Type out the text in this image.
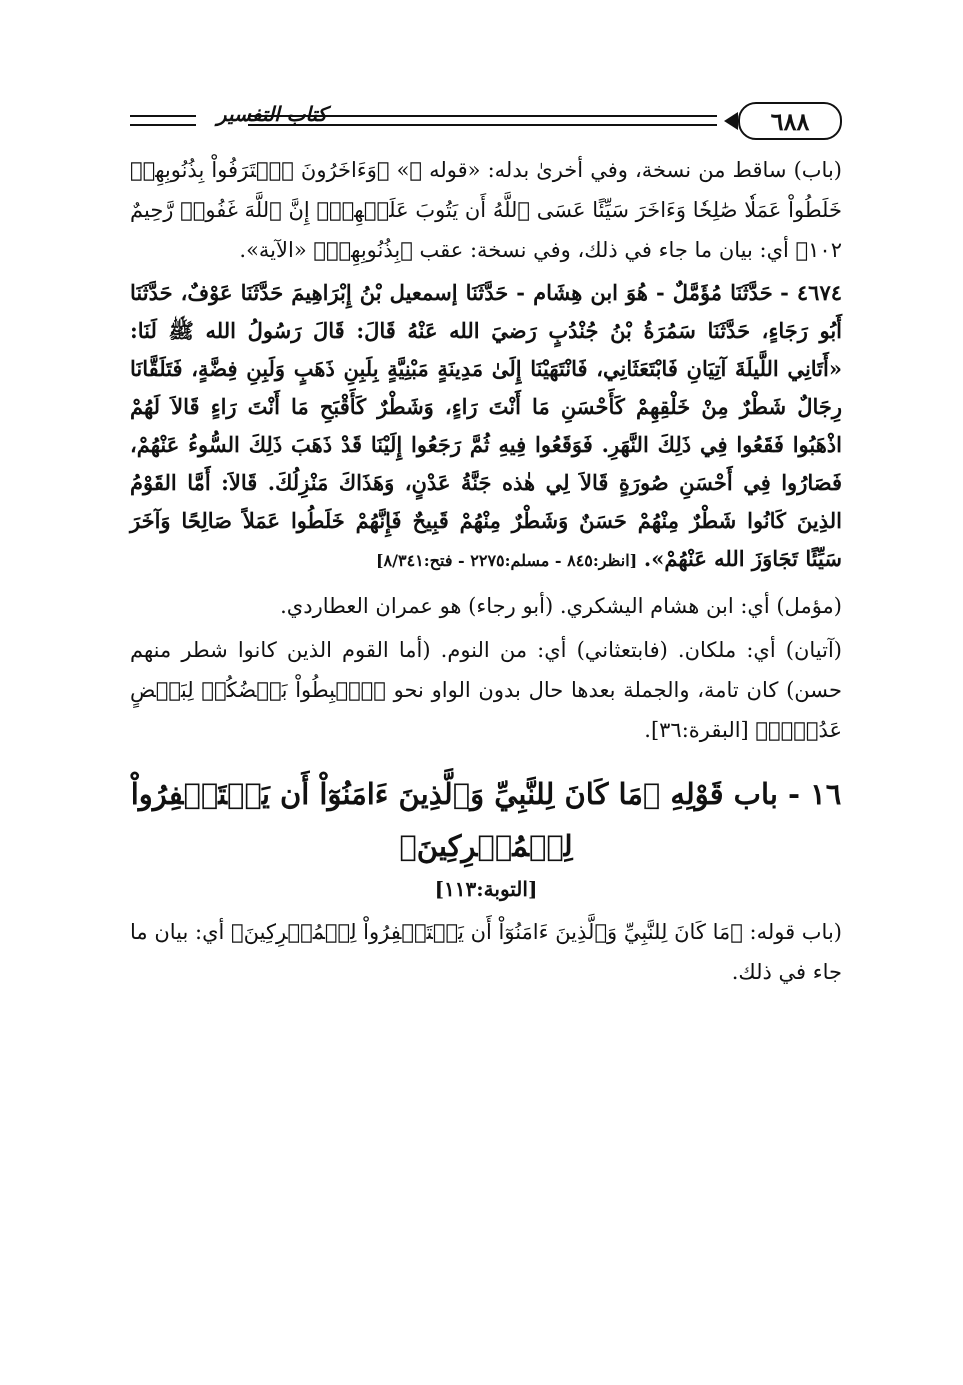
٦٨٨
كتاب التفسير

(باب) ساقط من نسخة، وفي أخرىٰ بدله: «قوله ﷻ» ﴿وَءَاخَرُونَ ٱعۡتَرَفُواْ بِذُنُوبِهِمۡ خَلَطُواْ عَمَلٗا صَٰلِحٗا وَءَاخَرَ سَيِّئًا عَسَى ٱللَّهُ أَن يَتُوبَ عَلَيۡهِمۡۚ إِنَّ ٱللَّهَ غَفُورٞ رَّحِيمٌ ١٠٢﴾ أي: بيان ما جاء في ذلك، وفي نسخة: عقب ﴿بِذُنُوبِهِمۡ﴾ «الآية».

٤٦٧٤ - حَدَّثَنَا مُؤَمَّلٌ - هُوَ ابن هِشَام - حَدَّثَنَا إسمعيل بْنُ إِبْرَاهِيمَ حَدَّثَنَا عَوْفٌ، حَدَّثَنَا أَبُو رَجَاءٍ، حَدَّثَنَا سَمُرَةُ بْنُ جُنْدُبٍ رَضيَ الله عَنْهُ قَالَ: قَالَ رَسُولُ الله ﷺ لَنَا: «أَتَانِي اللَّيلَةَ آتِيَانِ فَابْتَعَثَانِي، فَانْتَهَيْنَا إِلَىٰ مَدِينَةٍ مَبْنِيَّةٍ بِلَبِنِ ذَهَبٍ وَلَبِنِ فِضَّةٍ، فَتَلَقَّانَا رِجَالٌ شَطْرٌ مِنْ خَلْقِهِمْ كَأَحْسَنِ مَا أَنْتَ رَاءٍ، وَشَطْرٌ كَأَقْبَحِ مَا أَنْتَ رَاءٍ قَالاَ لَهُمْ اذْهَبُوا فَقَعُوا فِي ذَلِكَ النَّهَرِ. فَوَقَعُوا فِيهِ ثُمَّ رَجَعُوا إِلَيْنَا قَدْ ذَهَبَ ذَلِكَ السُّوءُ عَنْهُمْ، فَصَارُوا فِي أَحْسَنِ صُورَةٍ قَالاَ لِي هٰذه جَنَّةُ عَدْنٍ، وَهَذَاكَ مَنْزِلُكَ. قَالاَ: أَمَّا القَوْمُ الذِينَ كَانُوا شَطْرٌ مِنْهُمْ حَسَنٌ وَشَطْرٌ مِنْهُمْ قَبِيحٌ فَإِنَّهُمْ خَلَطُوا عَمَلاً صَالِحًا وَآخَرَ سَيِّئًا تَجَاوَزَ الله عَنْهُمْ». [انظر:٨٤٥ - مسلم:٢٢٧٥ - فتح:٨/٣٤١]

(مؤمل) أي: ابن هشام اليشكري. (أبو رجاء) هو عمران العطاردي.

(آتيان) أي: ملكان. (فابتعثاني) أي: من النوم. (أما القوم الذين كانوا شطر منهم حسن) كان تامة، والجملة بعدها حال بدون الواو نحو ﴿ٱهۡبِطُواْ بَعۡضُكُمۡ لِبَعۡضٍ عَدُوّٞۖ﴾ [البقرة:٣٦].

١٦ - باب قَوْلِهِ ﴿مَا كَانَ لِلنَّبِيِّ وَٱلَّذِينَ ءَامَنُوٓاْ أَن يَسۡتَغۡفِرُواْ لِلۡمُشۡرِكِينَ﴾
[التوبة:١١٣]

(باب قوله: ﴿مَا كَانَ لِلنَّبِيِّ وَٱلَّذِينَ ءَامَنُوٓاْ أَن يَسۡتَغۡفِرُواْ لِلۡمُشۡرِكِينَ﴾ أي: بيان ما جاء في ذلك.
